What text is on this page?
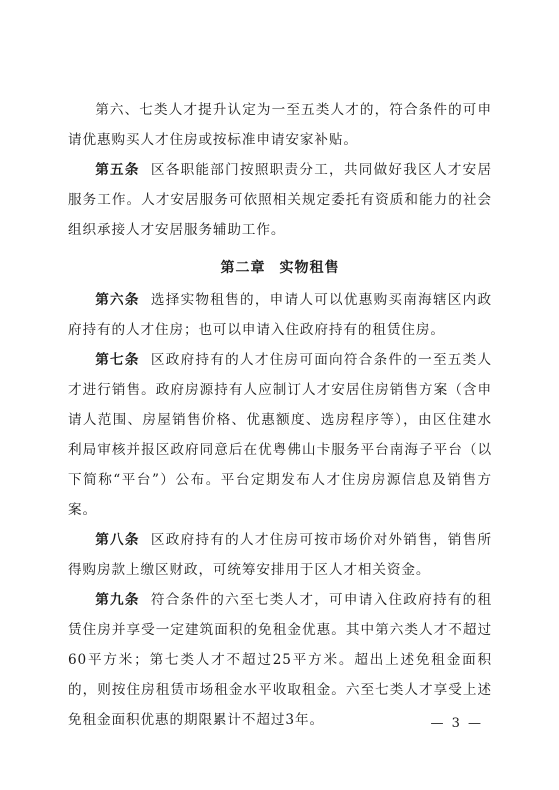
第六、七类人才提升认定为一至五类人才的，符合条件的可申请优惠购买人才住房或按标准申请安家补贴。

第五条 区各职能部门按照职责分工，共同做好我区人才安居服务工作。人才安居服务可依照相关规定委托有资质和能力的社会组织承接人才安居服务辅助工作。

第二章 实物租售

第六条 选择实物租售的，申请人可以优惠购买南海辖区内政府持有的人才住房；也可以申请入住政府持有的租赁住房。

第七条 区政府持有的人才住房可面向符合条件的一至五类人才进行销售。政府房源持有人应制订人才安居住房销售方案（含申请人范围、房屋销售价格、优惠额度、选房程序等），由区住建水利局审核并报区政府同意后在优粤佛山卡服务平台南海子平台（以下简称“平台”）公布。平台定期发布人才住房房源信息及销售方案。

第八条 区政府持有的人才住房可按市场价对外销售，销售所得购房款上缴区财政，可统筹安排用于区人才相关资金。

第九条 符合条件的六至七类人才，可申请入住政府持有的租赁住房并享受一定建筑面积的免租金优惠。其中第六类人才不超过60平方米；第七类人才不超过25平方米。超出上述免租金面积的，则按住房租赁市场租金水平收取租金。六至七类人才享受上述免租金面积优惠的期限累计不超过3年。	— 3 —
